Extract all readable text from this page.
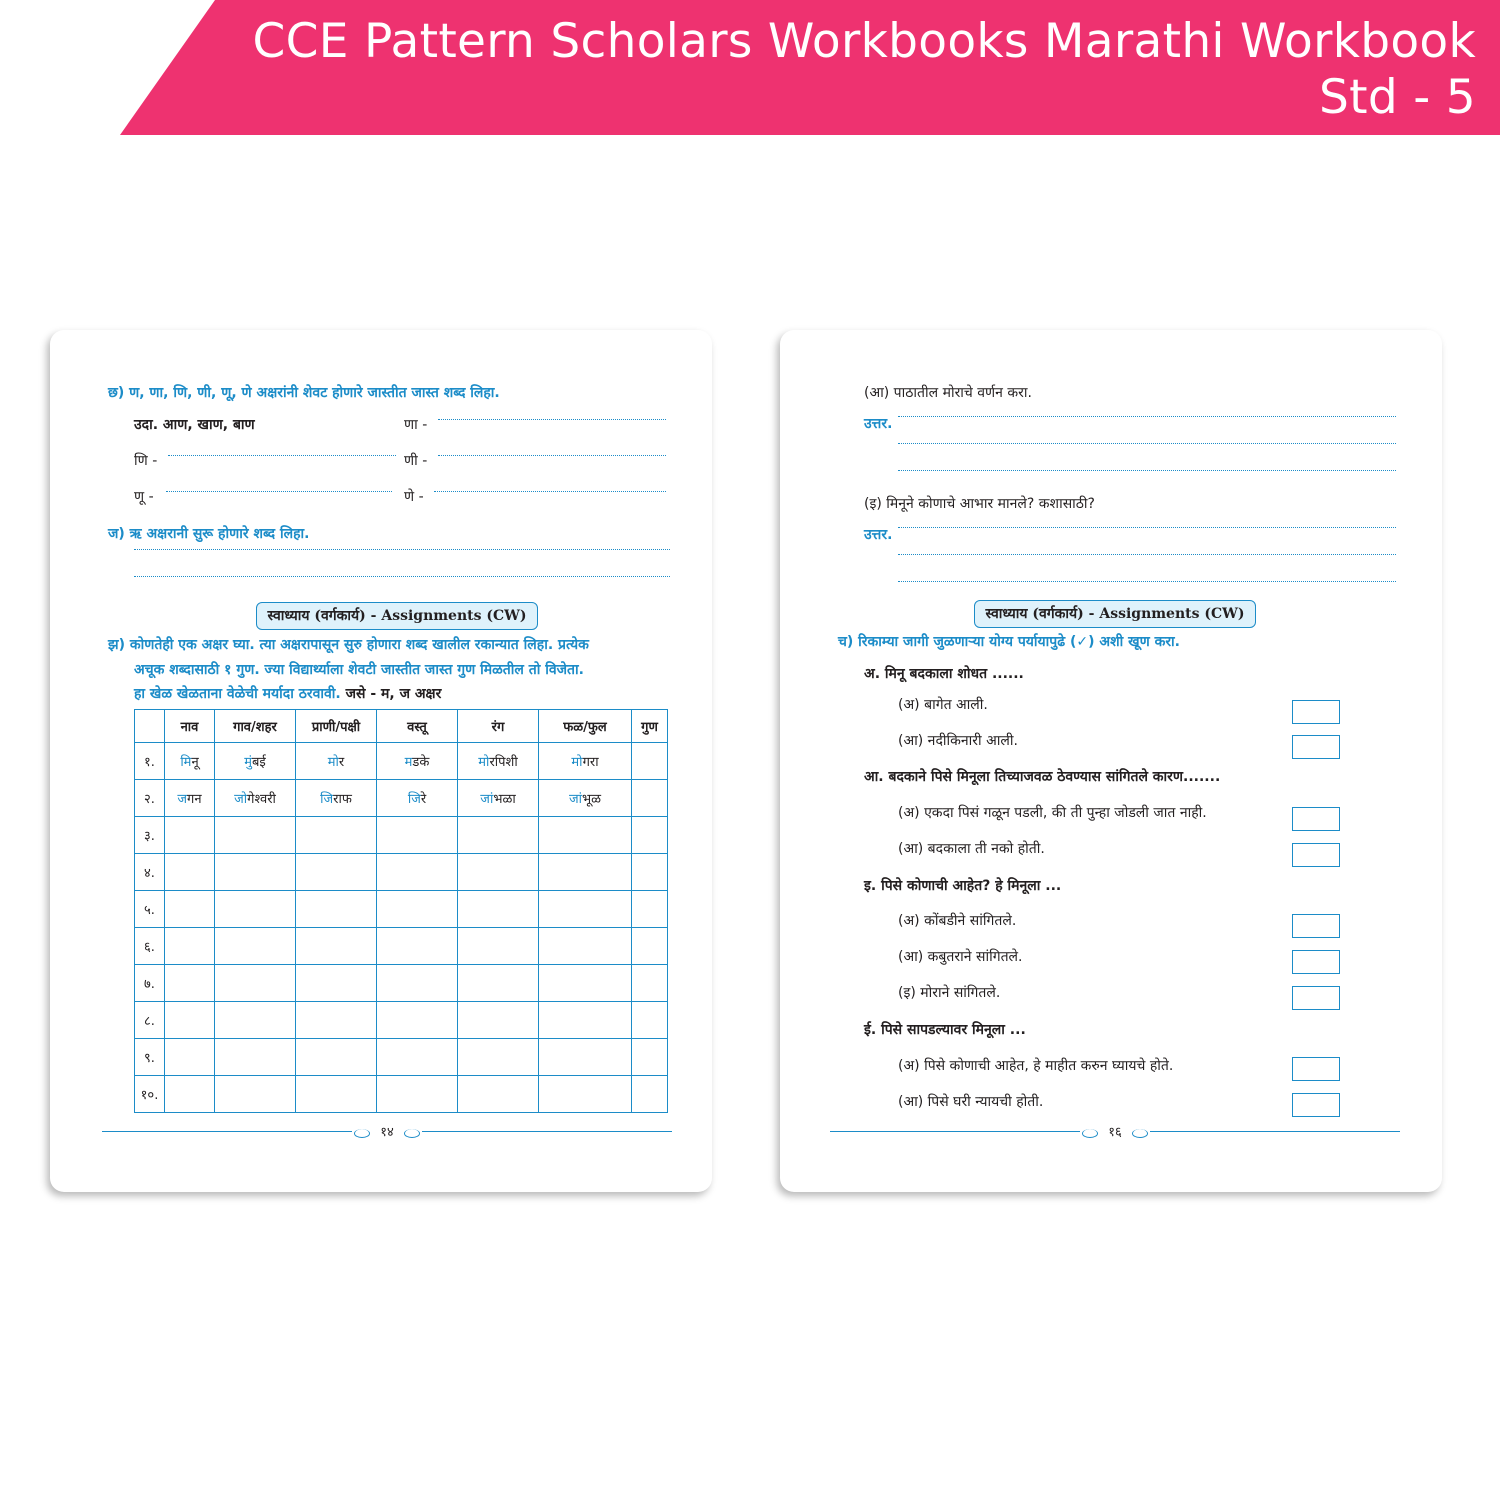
CCE Pattern Scholars Workbooks Marathi Workbook
Std - 5
छ) ण, णा, णि, णी, णू, णे अक्षरांनी शेवट होणारे जास्तीत जास्त शब्द लिहा.
उदा. आण, खाण, बाण	णा -
णि -	णी -
णू -	णे -
ज) ऋ अक्षरानी सुरू होणारे शब्द लिहा.
स्वाध्याय (वर्गकार्य) - Assignments (CW)
झ) कोणतेही एक अक्षर घ्या. त्या अक्षरापासून सुरु होणारा शब्द खालील रकान्यात लिहा. प्रत्येक
अचूक शब्दासाठी १ गुण. ज्या विद्यार्थ्याला शेवटी जास्तीत जास्त गुण मिळतील तो विजेता.
हा खेळ खेळताना वेळेची मर्यादा ठरवावी. जसे - म, ज अक्षर
	नाव	गाव/शहर	प्राणी/पक्षी	वस्तू	रंग	फळ/फुल	गुण
१.	मिनू	मुंबई	मोर	मडके	मोरपिशी	मोगरा	
२.	जगन	जोगेश्वरी	जिराफ	जिरे	जांभळा	जांभूळ	
३.							
४.							
५.							
६.							
७.							
८.							
९.							
१०.							
१४
(आ) पाठातील मोराचे वर्णन करा.
उत्तर.
(इ) मिनूने कोणाचे आभार मानले? कशासाठी?
उत्तर.
स्वाध्याय (वर्गकार्य) - Assignments (CW)
च) रिकाम्या जागी जुळणाऱ्या योग्य पर्यायापुढे (✓) अशी खूण करा.
अ. मिनू बदकाला शोधत ......
(अ) बागेत आली.
(आ) नदीकिनारी आली.
आ. बदकाने पिसे मिनूला तिच्याजवळ ठेवण्यास सांगितले कारण.......
(अ) एकदा पिसं गळून पडली, की ती पुन्हा जोडली जात नाही.
(आ) बदकाला ती नको होती.
इ. पिसे कोणाची आहेत? हे मिनूला ...
(अ) कोंबडीने सांगितले.
(आ) कबुतराने सांगितले.
(इ) मोराने सांगितले.
ई. पिसे सापडल्यावर मिनूला ...
(अ) पिसे कोणाची आहेत, हे माहीत करुन घ्यायचे होते.
(आ) पिसे घरी न्यायची होती.
१६
